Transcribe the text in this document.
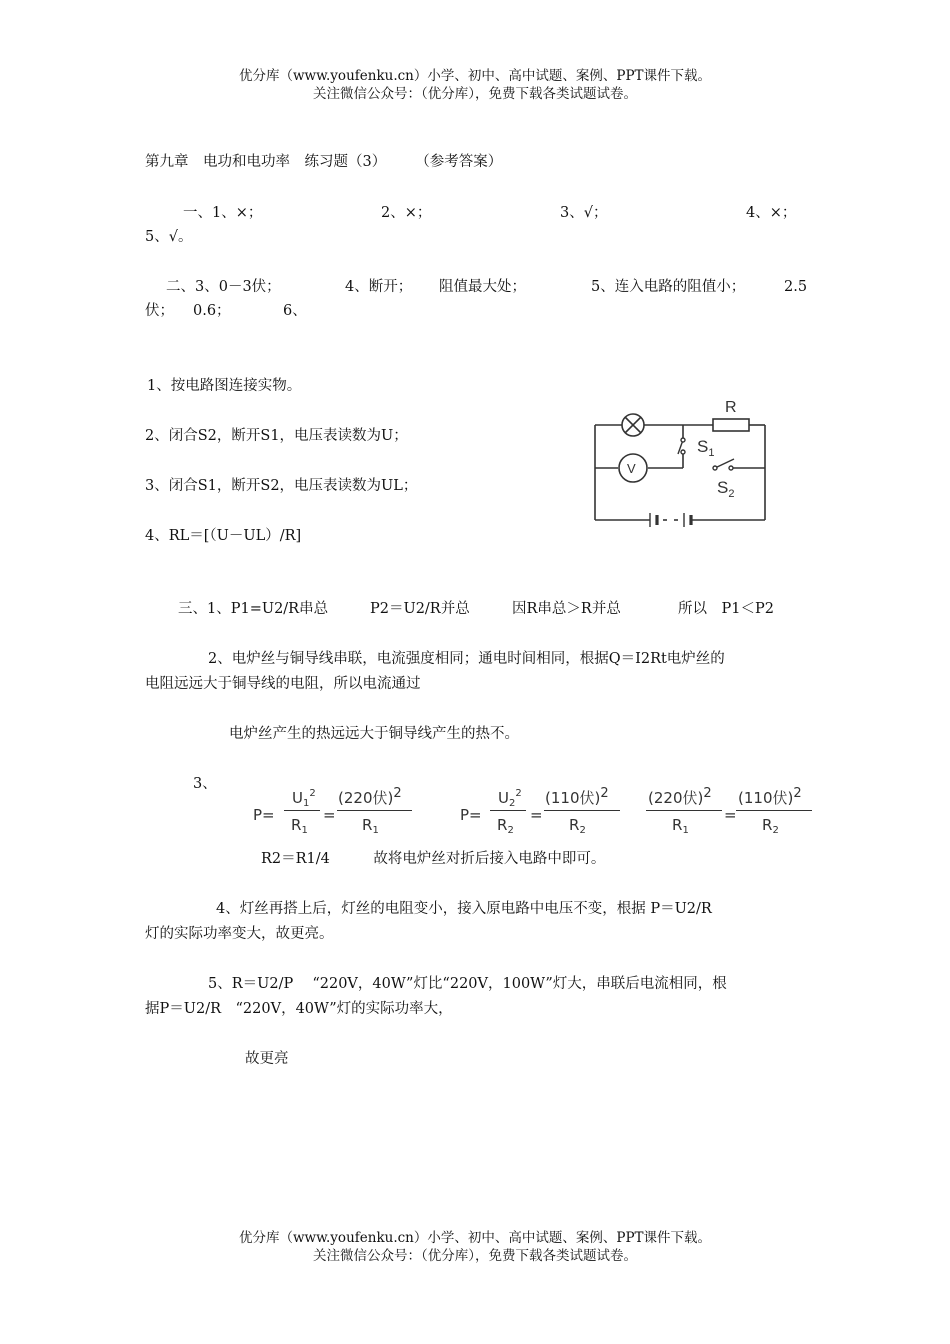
优分库（www.youfenku.cn）小学、初中、高中试题、案例、PPT课件下载。
关注微信公众号：（优分库），免费下载各类试题试卷。
第九章　电功和电功率　练习题（3）　　　（参考答案）
一、1、×；	2、×；	3、√；	4、×；
5、√。
二、3、0－3伏；	4、断开； 阻值最大处；	5、连入电路的阻值小；	2.5
伏； 0.6；	6、
1、按电路图连接实物。
2、闭合S2，断开S1，电压表读数为U；
3、闭合S1，断开S2，电压表读数为UL；
4、RL＝[（U－UL）/R]
R
$S_1$
V
$S_2$
三、1、P1=U2/R串总	P2＝U2/R并总	因R串总＞R并总	所以　P1＜P2
2、电炉丝与铜导线串联，电流强度相同；通电时间相同，根据Q＝I2Rt电炉丝的
电阻远远大于铜导线的电阻，所以电流通过
电炉丝产生的热远远大于铜导线产生的热不。
3、
P=
$U_1^2$
$R_1$
=
(220伏)2
$R_1$
P=
$U_2^2$
$R_2$
=
(110伏)2
$R_2$
(220伏)2
$R_1$
=
(110伏)2
$R_2$
R2＝R1/4　　　故将电炉丝对折后接入电路中即可。
4、灯丝再搭上后，灯丝的电阻变小，接入原电路中电压不变，根据 P＝U2/R
灯的实际功率变大，故更亮。
5、R＝U2/P　 “220V，40W”灯比“220V，100W”灯大，串联后电流相同，根
据P＝U2/R　“220V，40W”灯的实际功率大，
故更亮
优分库（www.youfenku.cn）小学、初中、高中试题、案例、PPT课件下载。
关注微信公众号：（优分库），免费下载各类试题试卷。
